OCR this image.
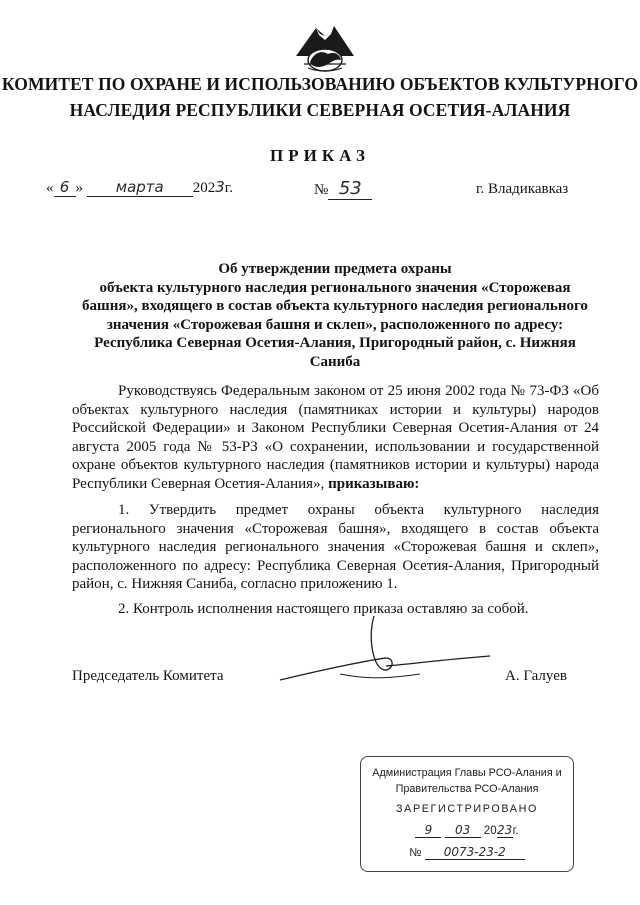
КОМИТЕТ ПО ОХРАНЕ И ИСПОЛЬЗОВАНИЮ ОБЪЕКТОВ КУЛЬТУРНОГО
НАСЛЕДИЯ РЕСПУБЛИКИ СЕВЕРНАЯ ОСЕТИЯ-АЛАНИЯ
ПРИКАЗ
« 6 » марта 2023г.	№ 53	г. Владикавказ
Об утверждении предмета охраны
объекта культурного наследия регионального значения «Сторожевая
башня», входящего в состав объекта культурного наследия регионального
значения «Сторожевая башня и склеп», расположенного по адресу:
Республика Северная Осетия-Алания, Пригородный район, с. Нижняя
Саниба

Руководствуясь Федеральным законом от 25 июня 2002 года № 73-ФЗ «Об объектах культурного наследия (памятниках истории и культуры) народов Российской Федерации» и Законом Республики Северная Осетия-Алания от 24 августа 2005 года № 53-РЗ «О сохранении, использовании и государственной охране объектов культурного наследия (памятников истории и культуры) народа Республики Северная Осетия-Алания», приказываю:

1. Утвердить предмет охраны объекта культурного наследия регионального значения «Сторожевая башня», входящего в состав объекта культурного наследия регионального значения «Сторожевая башня и склеп», расположенного по адресу: Республика Северная Осетия-Алания, Пригородный район, с. Нижняя Саниба, согласно приложению 1.

2. Контроль исполнения настоящего приказа оставляю за собой.

Председатель Комитета	А. Галуев
Администрация Главы РСО-Алания и
Правительства РСО-Алания
ЗАРЕГИСТРИРОВАНО
9 03 2023г.
№ 0073-23-2
